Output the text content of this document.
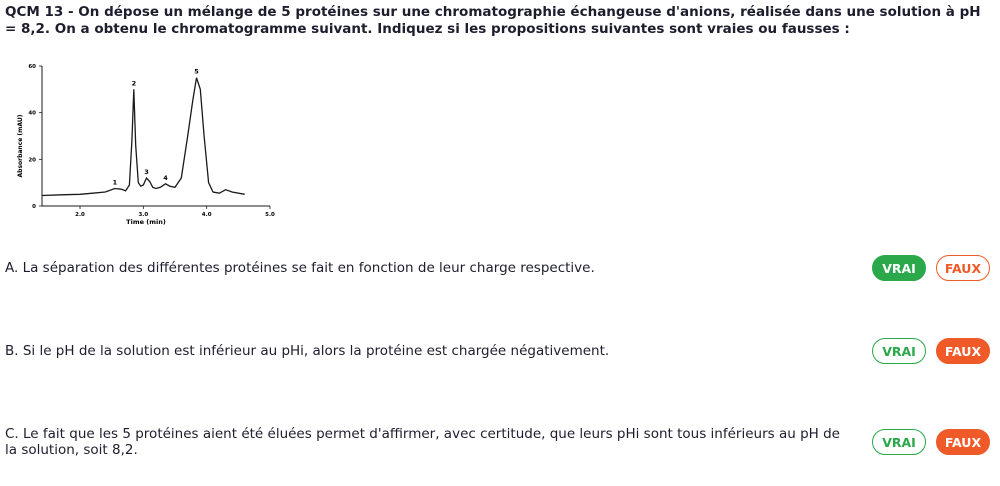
QCM 13 - On dépose un mélange de 5 protéines sur une chromatographie échangeuse d'anions, réalisée dans une solution à pH = 8,2. On a obtenu le chromatogramme suivant. Indiquez si les propositions suivantes sont vraies ou fausses :

2.0	3.0	4.0	5.0
0
20
40
60
1
2
3
4
5
Time (min)
Absorbance (mAU)
A. La séparation des différentes protéines se fait en fonction de leur charge respective.	VRAI	FAUX
B. Si le pH de la solution est inférieur au pHi, alors la protéine est chargée négativement.	VRAI	FAUX
C. Le fait que les 5 protéines aient été éluées permet d'affirmer, avec certitude, que leurs pHi sont tous inférieurs au pH de la solution, soit 8,2.	VRAI	FAUX
